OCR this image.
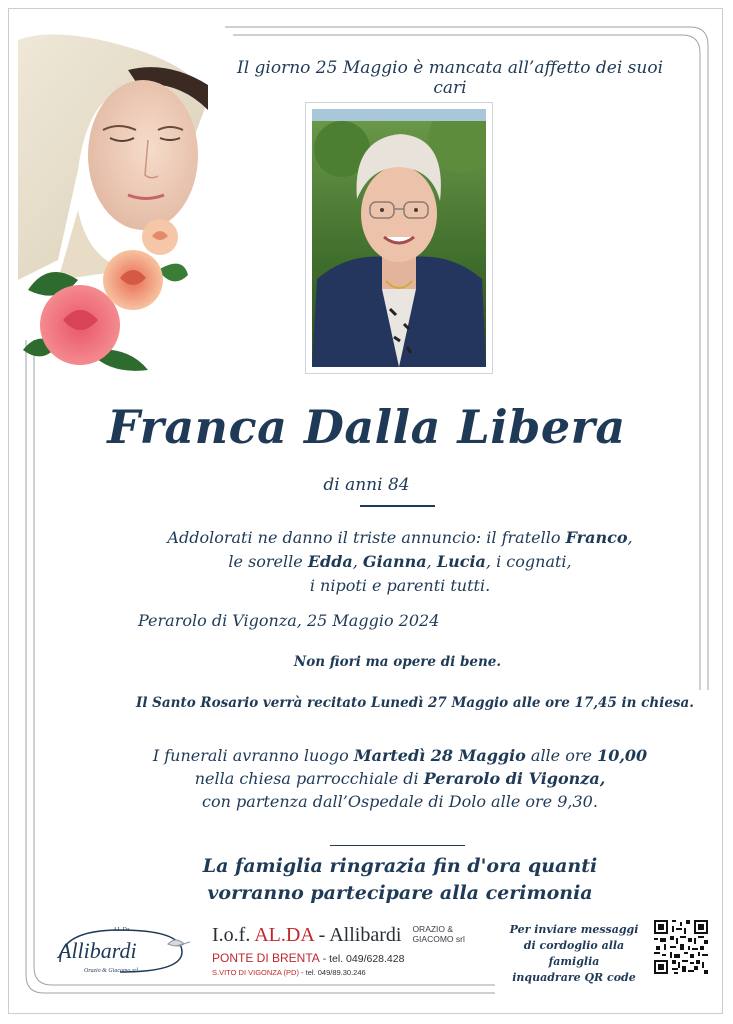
Il giorno 25 Maggio è mancata all’affetto dei suoi cari
Franca Dalla Libera
di anni 84
Addolorati ne danno il triste annuncio: il fratello Franco,
le sorelle Edda, Gianna, Lucia, i cognati,
i nipoti e parenti tutti.
Perarolo di Vigonza, 25 Maggio 2024
Non fiori ma opere di bene.
Il Santo Rosario verrà recitato Lunedì 27 Maggio alle ore 17,45 in chiesa.
I funerali avranno luogo Martedì 28 Maggio alle ore 10,00
nella chiesa parrocchiale di Perarolo di Vigonza,
con partenza dall’Ospedale di Dolo alle ore 9,30.
La famiglia ringrazia fin d'ora quanti
vorranno partecipare alla cerimonia
AL.Da
Allibardi
Orazio & Giacomo srl
I.o.f. AL.DA - Allibardi ORAZIO &
GIACOMO srl
PONTE DI BRENTA - tel. 049/628.428
S.VITO DI VIGONZA (PD) - tel. 049/89.30.246
Per inviare messaggi
di cordoglio alla famiglia
inquadrare QR code
